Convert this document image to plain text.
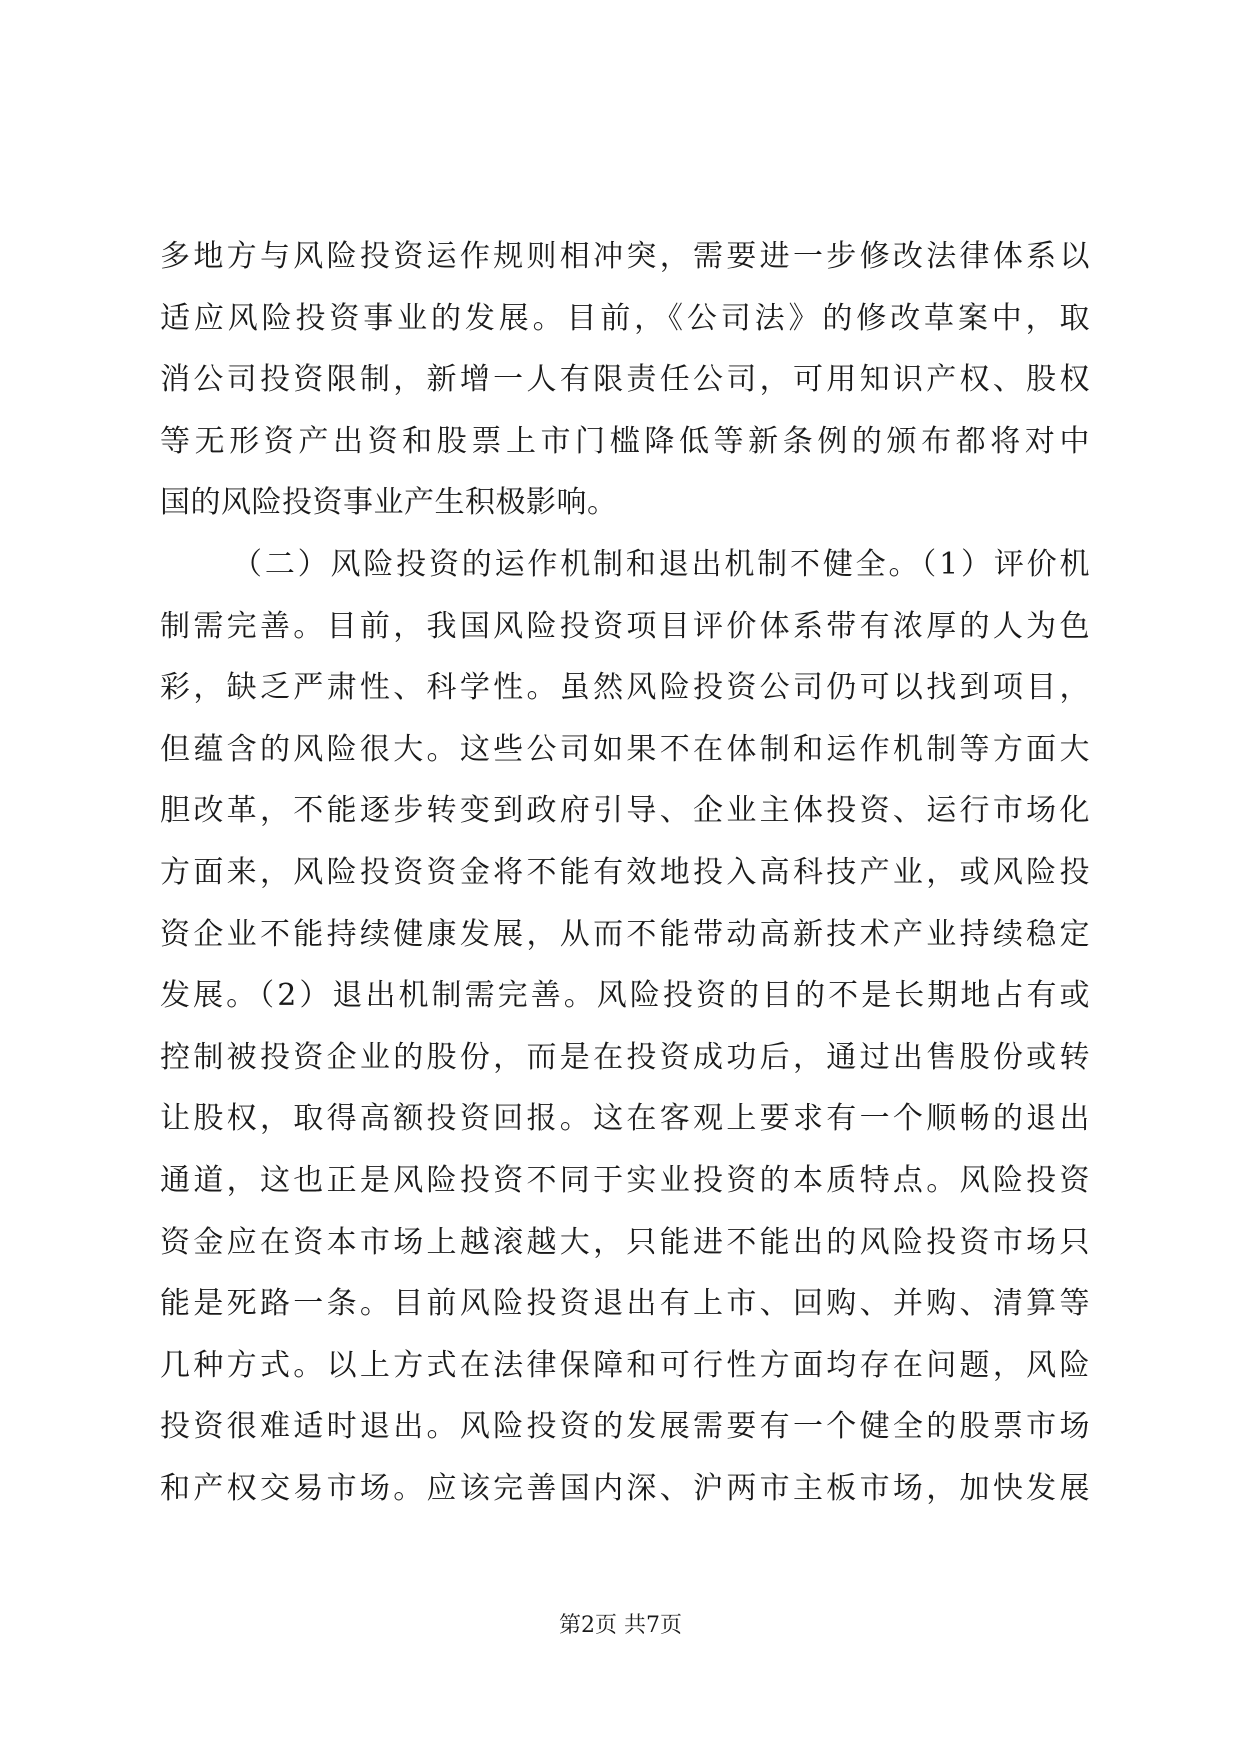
多地方与风险投资运作规则相冲突，需要进一步修改法律体系以
适应风险投资事业的发展。目前，《公司法》的修改草案中，取
消公司投资限制，新增一人有限责任公司，可用知识产权、股权
等无形资产出资和股票上市门槛降低等新条例的颁布都将对中
国的风险投资事业产生积极影响。
（二）风险投资的运作机制和退出机制不健全。（1）评价机
制需完善。目前，我国风险投资项目评价体系带有浓厚的人为色
彩，缺乏严肃性、科学性。虽然风险投资公司仍可以找到项目，
但蕴含的风险很大。这些公司如果不在体制和运作机制等方面大
胆改革，不能逐步转变到政府引导、企业主体投资、运行市场化
方面来，风险投资资金将不能有效地投入高科技产业，或风险投
资企业不能持续健康发展，从而不能带动高新技术产业持续稳定
发展。（2）退出机制需完善。风险投资的目的不是长期地占有或
控制被投资企业的股份，而是在投资成功后，通过出售股份或转
让股权，取得高额投资回报。这在客观上要求有一个顺畅的退出
通道，这也正是风险投资不同于实业投资的本质特点。风险投资
资金应在资本市场上越滚越大，只能进不能出的风险投资市场只
能是死路一条。目前风险投资退出有上市、回购、并购、清算等
几种方式。以上方式在法律保障和可行性方面均存在问题，风险
投资很难适时退出。风险投资的发展需要有一个健全的股票市场
和产权交易市场。应该完善国内深、沪两市主板市场，加快发展
第2页 共7页
